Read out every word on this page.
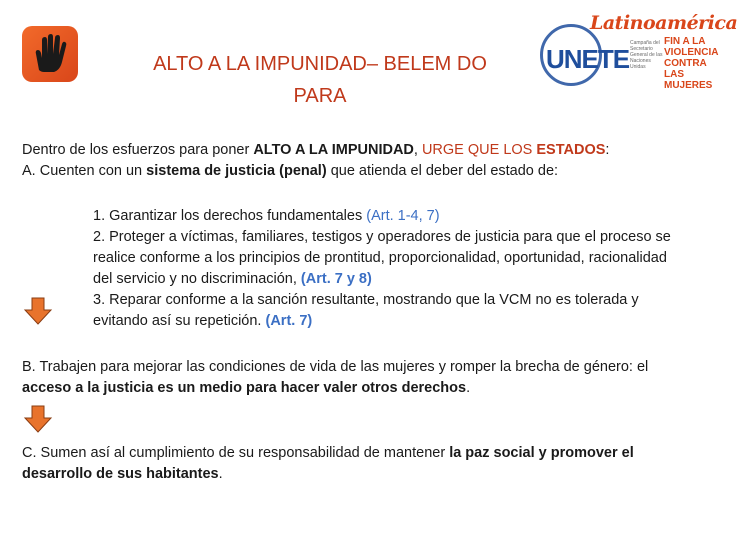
ALTO A LA IMPUNIDAD– BELEM DO
PARA
Latinoamérica
UNETE
Campaña del Secretario General de las Naciones Unidas
FIN A LA VIOLENCIA CONTRA LAS MUJERES

Dentro de los esfuerzos para poner ALTO A LA IMPUNIDAD, URGE QUE LOS ESTADOS:

A. Cuenten con un sistema de justicia (penal) que atienda el deber del estado de:

1. Garantizar los derechos fundamentales (Art. 1-4, 7)

2. Proteger a víctimas, familiares, testigos y operadores de justicia para que el proceso se realice conforme a los principios de prontitud, proporcionalidad, oportunidad, racionalidad del servicio y no discriminación, (Art. 7 y 8)

3. Reparar conforme a la sanción resultante, mostrando que la VCM no es tolerada y evitando así su repetición. (Art. 7)

B. Trabajen para mejorar las condiciones de vida de las mujeres y romper la brecha de género: el acceso a la justicia es un medio para hacer valer otros derechos.

C. Sumen así al cumplimiento de su responsabilidad de mantener la paz social y promover el desarrollo de sus habitantes.
